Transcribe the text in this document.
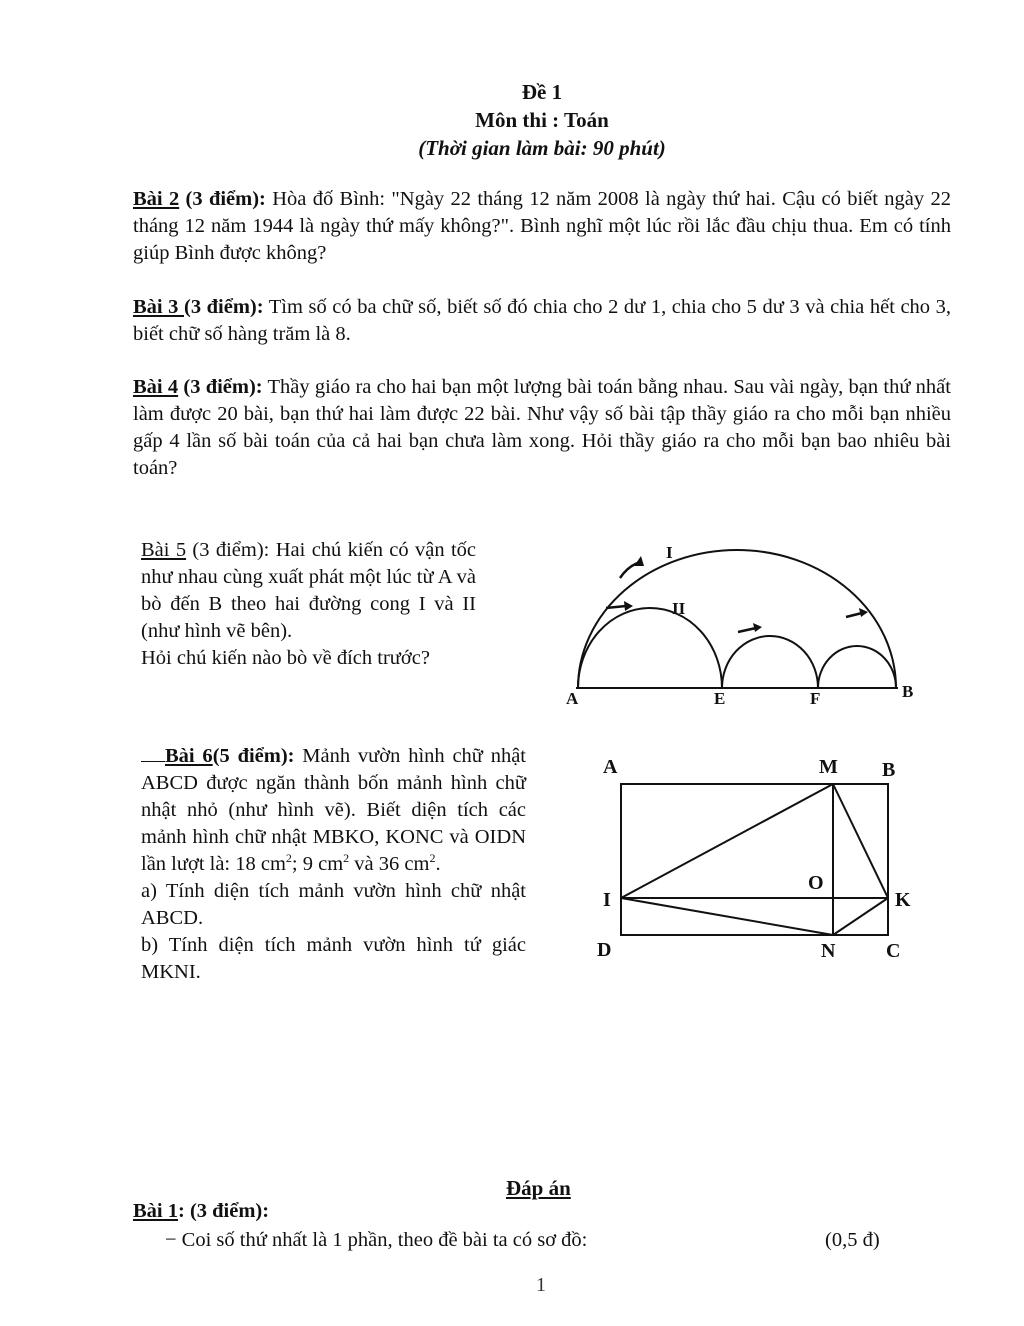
Đề 1
Môn thi : Toán
(Thời gian làm bài: 90 phút)
Bài 2 (3 điểm): Hòa đố Bình: "Ngày 22 tháng 12 năm 2008 là ngày thứ hai. Cậu có biết ngày 22 tháng 12 năm 1944 là ngày thứ mấy không?". Bình nghĩ một lúc rồi lắc đầu chịu thua. Em có tính giúp Bình được không?
Bài 3 (3 điểm): Tìm số có ba chữ số, biết số đó chia cho 2 dư 1, chia cho 5 dư 3 và chia hết cho 3, biết chữ số hàng trăm là 8.
Bài 4 (3 điểm): Thầy giáo ra cho hai bạn một lượng bài toán bằng nhau. Sau vài ngày, bạn thứ nhất làm được 20 bài, bạn thứ hai làm được 22 bài. Như vậy số bài tập thầy giáo ra cho mỗi bạn nhiều gấp 4 lần số bài toán của cả hai bạn chưa làm xong. Hỏi thầy giáo ra cho mỗi bạn bao nhiêu bài toán?
Bài 5 (3 điểm): Hai chú kiến có vận tốc như nhau cùng xuất phát một lúc từ A và bò đến B theo hai đường cong I và II (như hình vẽ bên).
Hỏi chú kiến nào bò về đích trước?
I
II
A	E	F	B
Bài 6(5 điểm): Mảnh vườn hình chữ nhật ABCD được ngăn thành bốn mảnh hình chữ nhật nhỏ (như hình vẽ). Biết diện tích các mảnh hình chữ nhật MBKO, KONC và OIDN lần lượt là: 18 $cm^2$; 9 $cm^2$ và 36 $cm^2$.
a) Tính diện tích mảnh vườn hình chữ nhật ABCD.
b) Tính diện tích mảnh vườn hình tứ giác MKNI.
A	M B
O
I	K
D	N	C
Đáp án
Bài 1: (3 điểm):
− Coi số thứ nhất là 1 phần, theo đề bài ta có sơ đồ:	(0,5 đ)
1
